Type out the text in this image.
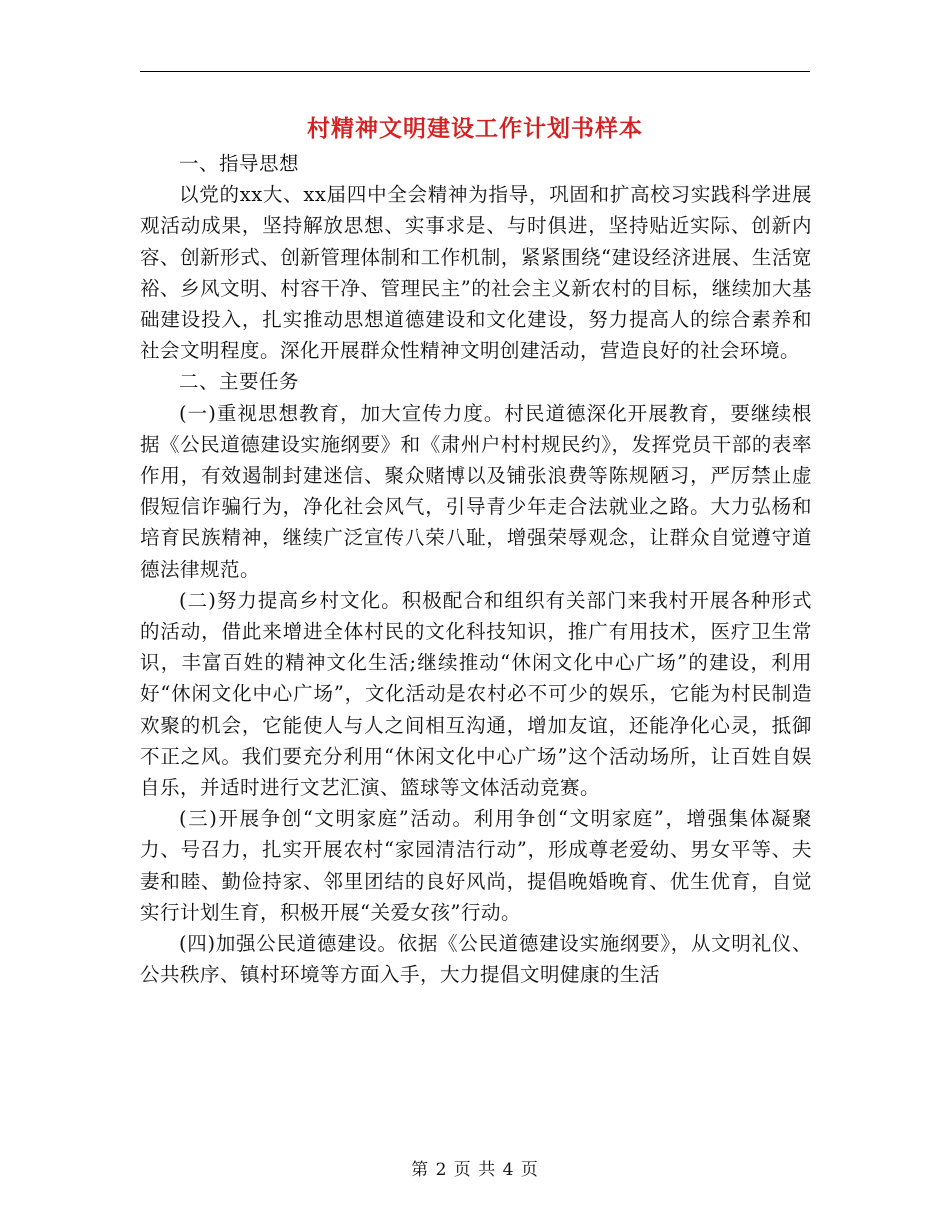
村精神文明建设工作计划书样本

一、指导思想

以党的xx大、xx届四中全会精神为指导，巩固和扩高校习实践科学进展观活动成果，坚持解放思想、实事求是、与时俱进，坚持贴近实际、创新内容、创新形式、创新管理体制和工作机制，紧紧围绕“建设经济进展、生活宽裕、乡风文明、村容干净、管理民主”的社会主义新农村的目标，继续加大基础建设投入，扎实推动思想道德建设和文化建设，努力提高人的综合素养和社会文明程度。深化开展群众性精神文明创建活动，营造良好的社会环境。

二、主要任务

(一)重视思想教育，加大宣传力度。村民道德深化开展教育，要继续根据《公民道德建设实施纲要》和《肃州户村村规民约》，发挥党员干部的表率作用，有效遏制封建迷信、聚众赌博以及铺张浪费等陈规陋习，严厉禁止虚假短信诈骗行为，净化社会风气，引导青少年走合法就业之路。大力弘杨和培育民族精神，继续广泛宣传八荣八耻，增强荣辱观念，让群众自觉遵守道德法律规范。

(二)努力提高乡村文化。积极配合和组织有关部门来我村开展各种形式的活动，借此来增进全体村民的文化科技知识，推广有用技术，医疗卫生常识，丰富百姓的精神文化生活;继续推动“休闲文化中心广场”的建设，利用好“休闲文化中心广场”，文化活动是农村必不可少的娱乐，它能为村民制造欢聚的机会，它能使人与人之间相互沟通，增加友谊，还能净化心灵，抵御不正之风。我们要充分利用“休闲文化中心广场”这个活动场所，让百姓自娱自乐，并适时进行文艺汇演、篮球等文体活动竞赛。

(三)开展争创“文明家庭”活动。利用争创“文明家庭”，增强集体凝聚力、号召力，扎实开展农村“家园清洁行动”，形成尊老爱幼、男女平等、夫妻和睦、勤俭持家、邻里团结的良好风尚，提倡晚婚晚育、优生优育，自觉实行计划生育，积极开展“关爱女孩”行动。

(四)加强公民道德建设。依据《公民道德建设实施纲要》，从文明礼仪、公共秩序、镇村环境等方面入手，大力提倡文明健康的生活

第 2 页 共 4 页
